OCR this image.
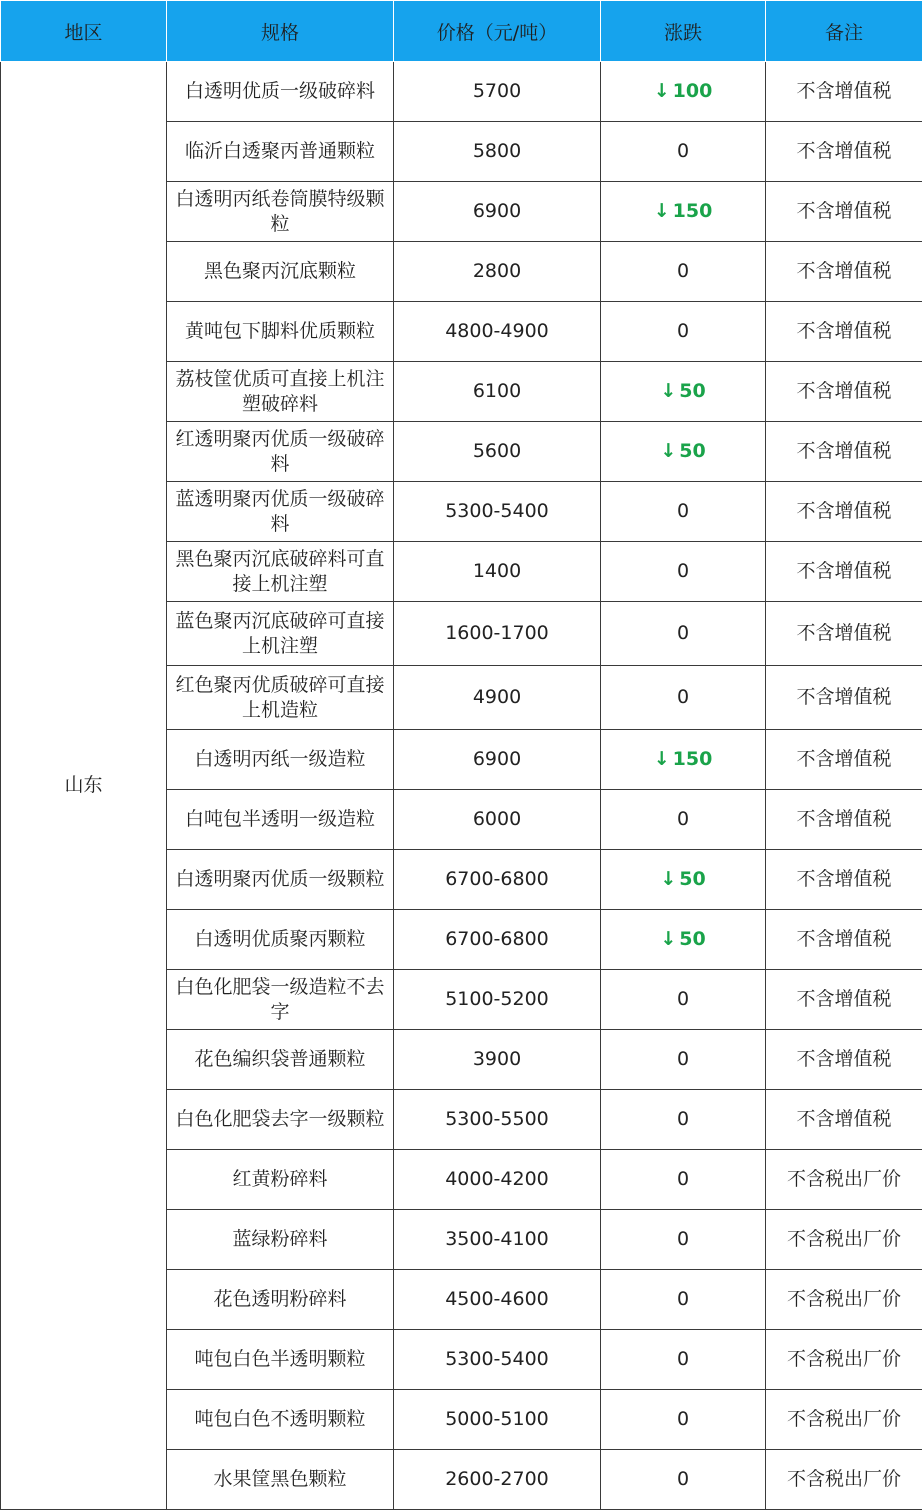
地区	规格	价格（元/吨）	涨跌	备注
山东	白透明优质一级破碎料	5700	↓ 100	不含增值税
	临沂白透聚丙普通颗粒	5800	0	不含增值税
	白透明丙纸卷筒膜特级颗粒	6900	↓ 150	不含增值税
	黑色聚丙沉底颗粒	2800	0	不含增值税
	黄吨包下脚料优质颗粒	4800-4900	0	不含增值税
	荔枝筐优质可直接上机注塑破碎料	6100	↓ 50	不含增值税
	红透明聚丙优质一级破碎料	5600	↓ 50	不含增值税
	蓝透明聚丙优质一级破碎料	5300-5400	0	不含增值税
	黑色聚丙沉底破碎料可直接上机注塑	1400	0	不含增值税
	蓝色聚丙沉底破碎可直接上机注塑	1600-1700	0	不含增值税
	红色聚丙优质破碎可直接上机造粒	4900	0	不含增值税
	白透明丙纸一级造粒	6900	↓ 150	不含增值税
	白吨包半透明一级造粒	6000	0	不含增值税
	白透明聚丙优质一级颗粒	6700-6800	↓ 50	不含增值税
	白透明优质聚丙颗粒	6700-6800	↓ 50	不含增值税
	白色化肥袋一级造粒不去字	5100-5200	0	不含增值税
	花色编织袋普通颗粒	3900	0	不含增值税
	白色化肥袋去字一级颗粒	5300-5500	0	不含增值税
	红黄粉碎料	4000-4200	0	不含税出厂价
	蓝绿粉碎料	3500-4100	0	不含税出厂价
	花色透明粉碎料	4500-4600	0	不含税出厂价
	吨包白色半透明颗粒	5300-5400	0	不含税出厂价
	吨包白色不透明颗粒	5000-5100	0	不含税出厂价
	水果筐黑色颗粒	2600-2700	0	不含税出厂价
